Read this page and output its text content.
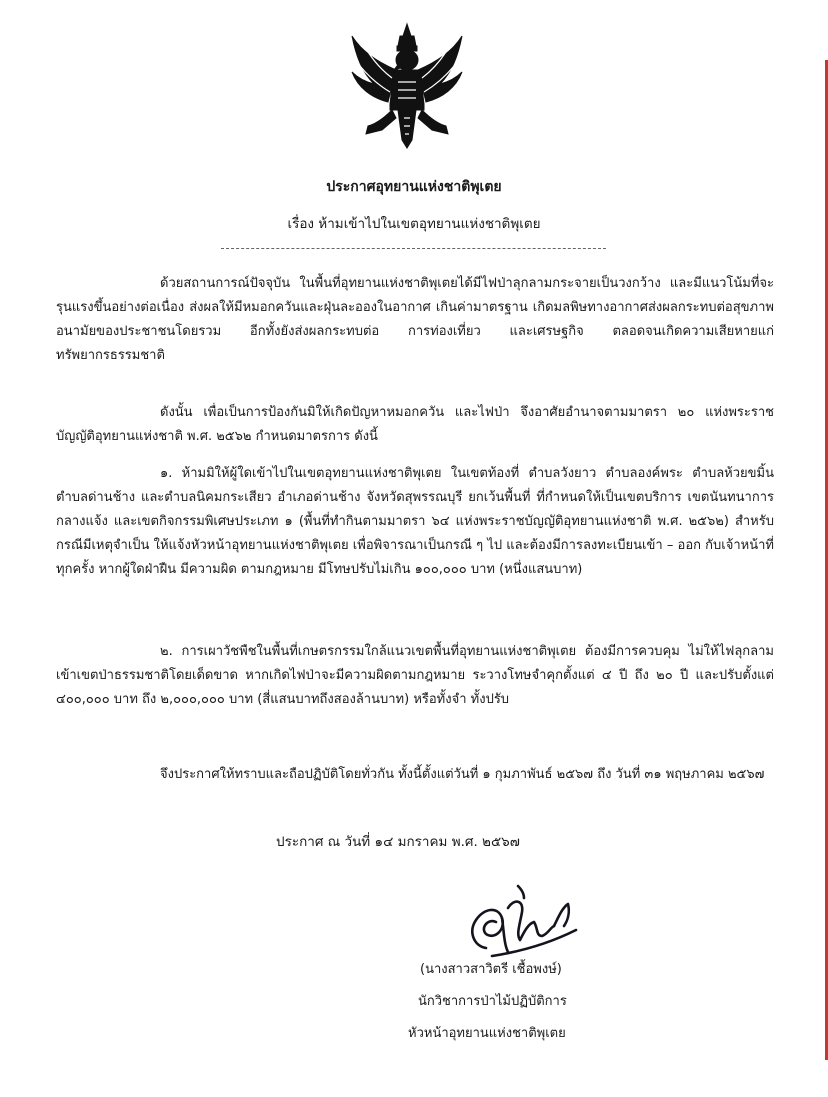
ประกาศอุทยานแห่งชาติพุเตย
เรื่อง ห้ามเข้าไปในเขตอุทยานแห่งชาติพุเตย
ด้วยสถานการณ์ปัจจุบัน ในพื้นที่อุทยานแห่งชาติพุเตยได้มีไฟป่าลุกลามกระจายเป็นวงกว้าง และมีแนวโน้มที่จะรุนแรงขึ้นอย่างต่อเนื่อง ส่งผลให้มีหมอกควันและฝุ่นละอองในอากาศ เกินค่ามาตรฐาน เกิดมลพิษทางอากาศส่งผลกระทบต่อสุขภาพอนามัยของประชาชนโดยรวม อีกทั้งยังส่งผลกระทบต่อ การท่องเที่ยว และเศรษฐกิจ ตลอดจนเกิดความเสียหายแก่ทรัพยากรธรรมชาติ
ดังนั้น เพื่อเป็นการป้องกันมิให้เกิดปัญหาหมอกควัน และไฟป่า จึงอาศัยอำนาจตามมาตรา ๒๐ แห่งพระราชบัญญัติอุทยานแห่งชาติ พ.ศ. ๒๕๖๒ กำหนดมาตรการ ดังนี้
๑. ห้ามมิให้ผู้ใดเข้าไปในเขตอุทยานแห่งชาติพุเตย ในเขตท้องที่ ตำบลวังยาว ตำบลองค์พระ ตำบลห้วยขมิ้น ตำบลด่านช้าง และตำบลนิคมกระเสียว อำเภอด่านช้าง จังหวัดสุพรรณบุรี ยกเว้นพื้นที่ ที่กำหนดให้เป็นเขตบริการ เขตนันทนาการกลางแจ้ง และเขตกิจกรรมพิเศษประเภท ๑ (พื้นที่ทำกินตามมาตรา ๖๔ แห่งพระราชบัญญัติอุทยานแห่งชาติ พ.ศ. ๒๕๖๒) สำหรับกรณีมีเหตุจำเป็น ให้แจ้งหัวหน้าอุทยานแห่งชาติพุเตย เพื่อพิจารณาเป็นกรณี ๆ ไป และต้องมีการลงทะเบียนเข้า – ออก กับเจ้าหน้าที่ทุกครั้ง หากผู้ใดฝ่าฝืน มีความผิด ตามกฎหมาย มีโทษปรับไม่เกิน ๑๐๐,๐๐๐ บาท (หนึ่งแสนบาท)
๒. การเผาวัชพืชในพื้นที่เกษตรกรรมใกล้แนวเขตพื้นที่อุทยานแห่งชาติพุเตย ต้องมีการควบคุม ไม่ให้ไฟลุกลามเข้าเขตป่าธรรมชาติโดยเด็ดขาด หากเกิดไฟป่าจะมีความผิดตามกฎหมาย ระวางโทษจำคุกตั้งแต่ ๔ ปี ถึง ๒๐ ปี และปรับตั้งแต่ ๔๐๐,๐๐๐ บาท ถึง ๒,๐๐๐,๐๐๐ บาท (สี่แสนบาทถึงสองล้านบาท) หรือทั้งจำ ทั้งปรับ
จึงประกาศให้ทราบและถือปฏิบัติโดยทั่วกัน ทั้งนี้ตั้งแต่วันที่ ๑ กุมภาพันธ์ ๒๕๖๗ ถึง วันที่ ๓๑ พฤษภาคม ๒๕๖๗
ประกาศ ณ วันที่ ๑๔ มกราคม พ.ศ. ๒๕๖๗
(นางสาวสาวิตรี เชื้อพงษ์)
นักวิชาการป่าไม้ปฏิบัติการ
หัวหน้าอุทยานแห่งชาติพุเตย
